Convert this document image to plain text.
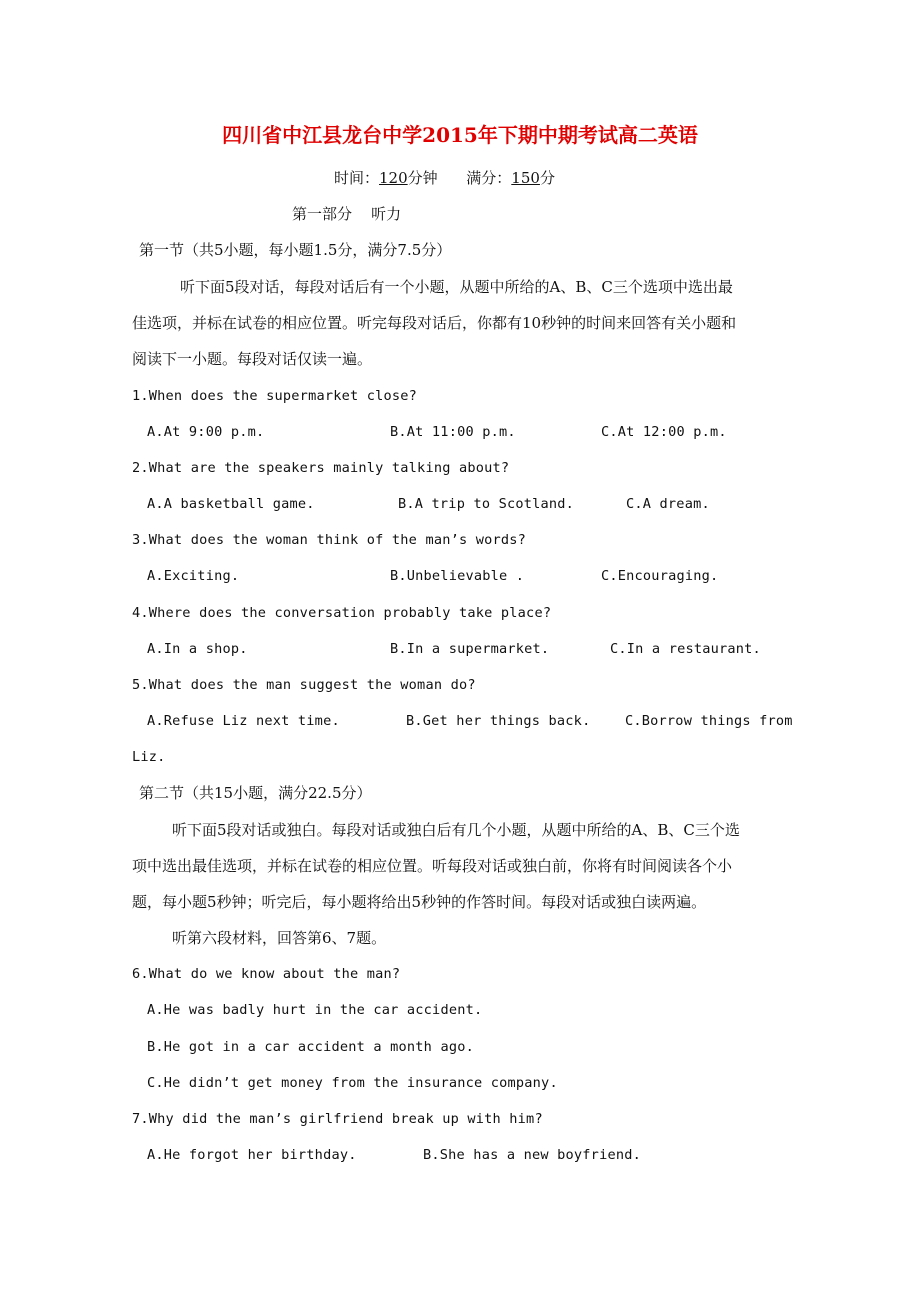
四川省中江县龙台中学2015年下期中期考试高二英语
时间：120分钟 满分：150分
第一部分    听力
第一节（共5小题，每小题1.5分，满分7.5分）
听下面5段对话，每段对话后有一个小题，从题中所给的A、B、C三个选项中选出最
佳选项，并标在试卷的相应位置。听完每段对话后，你都有10秒钟的时间来回答有关小题和
阅读下一小题。每段对话仅读一遍。
1.When does the supermarket close?
A.At 9:00 p.m.	B.At 11:00 p.m.	C.At 12:00 p.m.
2.What are the speakers mainly talking about?
A.A basketball game.	B.A trip to Scotland.	C.A dream.
3.What does the woman think of the man’s words?
A.Exciting.	B.Unbelievable .	C.Encouraging.
4.Where does the conversation probably take place?
A.In a shop.	B.In a supermarket.	C.In a restaurant.
5.What does the man suggest the woman do?
A.Refuse Liz next time.	B.Get her things back.	C.Borrow things from
Liz.
第二节（共15小题，满分22.5分）
听下面5段对话或独白。每段对话或独白后有几个小题，从题中所给的A、B、C三个选
项中选出最佳选项，并标在试卷的相应位置。听每段对话或独白前，你将有时间阅读各个小
题，每小题5秒钟；听完后，每小题将给出5秒钟的作答时间。每段对话或独白读两遍。
听第六段材料，回答第6、7题。
6.What do we know about the man?
A.He was badly hurt in the car accident.
B.He got in a car accident a month ago.
C.He didn’t get money from the insurance company.
7.Why did the man’s girlfriend break up with him?
A.He forgot her birthday.	B.She has a new boyfriend.
